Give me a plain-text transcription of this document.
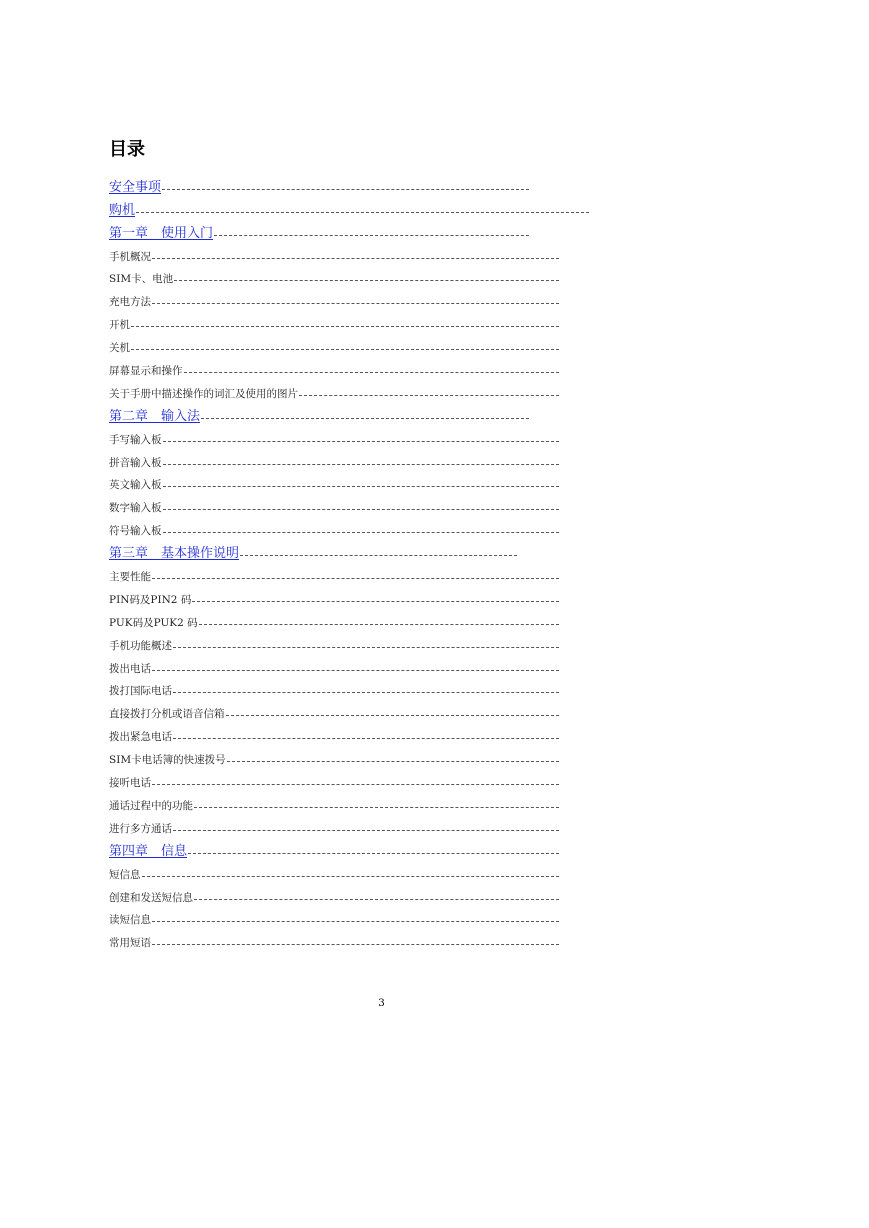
目录
安全事项
购机
第一章　使用入门
手机概况
SIM卡、电池
充电方法
开机
关机
屏幕显示和操作
关于手册中描述操作的词汇及使用的图片
第二章　输入法
手写输入板
拼音输入板
英文输入板
数字输入板
符号输入板
第三章　基本操作说明
主要性能
PIN码及PIN2 码
PUK码及PUK2 码
手机功能概述
拨出电话
拨打国际电话
直接拨打分机或语音信箱
拨出紧急电话
SIM卡电话簿的快速拨号
接听电话
通话过程中的功能
进行多方通话
第四章　信息
短信息
创建和发送短信息
读短信息
常用短语
3
